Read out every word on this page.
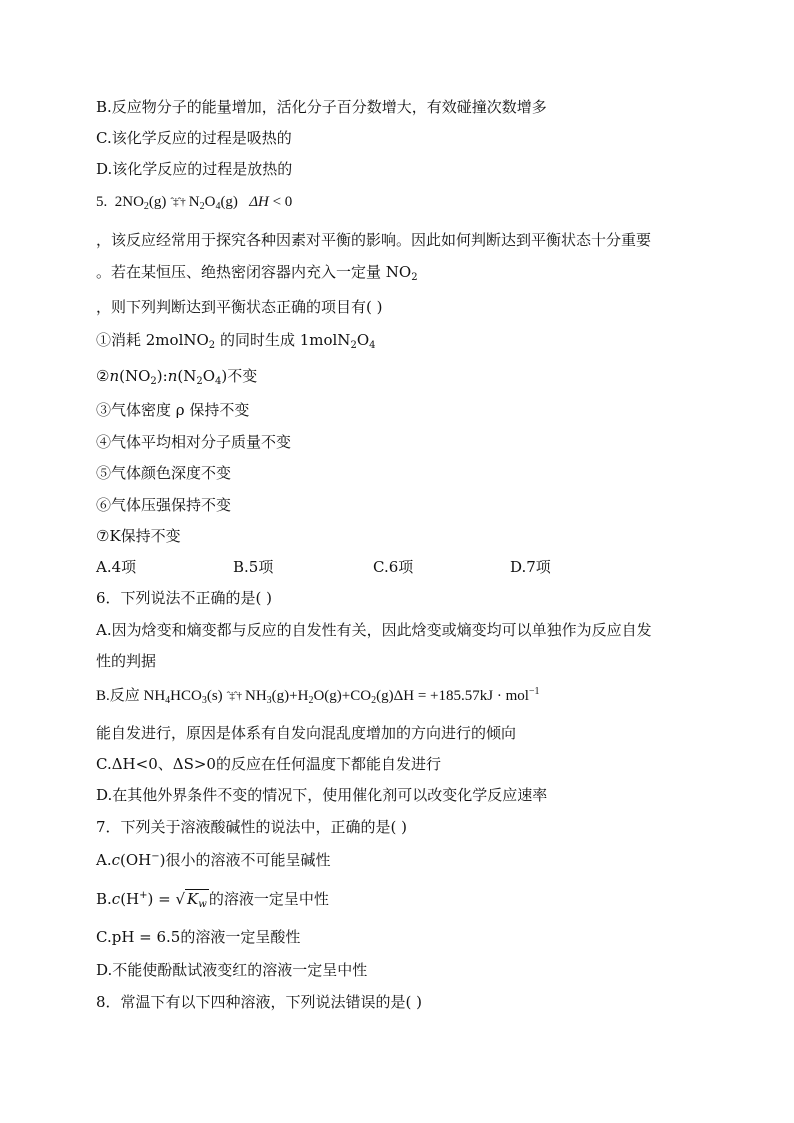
B.反应物分子的能量增加，活化分子百分数增大，有效碰撞次数增多
C.该化学反应的过程是吸热的
D.该化学反应的过程是放热的
5. $2NO_2(g)$ ˆ‡ˆ† $N_2O_4(g) \Delta H < 0$
，该反应经常用于探究各种因素对平衡的影响。因此如何判断达到平衡状态十分重要
。若在某恒压、绝热密闭容器内充入一定量 $NO_2$
，则下列判断达到平衡状态正确的项目有( )
①消耗 2molNO$_2$ 的同时生成 $1molN_2O_4$
$②n(NO_2):n(N_2O_4)$不变
③气体密度 ρ 保持不变
④气体平均相对分子质量不变
⑤气体颜色深度不变
⑥气体压强保持不变
⑦K保持不变
A.4项	B.5项	C.6项	D.7项
6．下列说法不正确的是( )
A.因为焓变和熵变都与反应的自发性有关，因此焓变或熵变均可以单独作为反应自发
性的判据
B.反应 $NH_4HCO_3(s)$ ˆ‡ˆ† $NH_3(g)+H_2O(g)+CO_2(g)\Delta H = +185.57kJ \cdot mol^{-1}$
能自发进行，原因是体系有自发向混乱度增加的方向进行的倾向
C.ΔH<0、ΔS>0的反应在任何温度下都能自发进行
D.在其他外界条件不变的情况下，使用催化剂可以改变化学反应速率
7．下列关于溶液酸碱性的说法中，正确的是( )
A.c(OH−)很小的溶液不可能呈碱性
B.c(H+) = √ $K_w$ 的溶液一定呈中性
C.pH = 6.5的溶液一定呈酸性
D.不能使酚酞试液变红的溶液一定呈中性
8．常温下有以下四种溶液，下列说法错误的是( )
